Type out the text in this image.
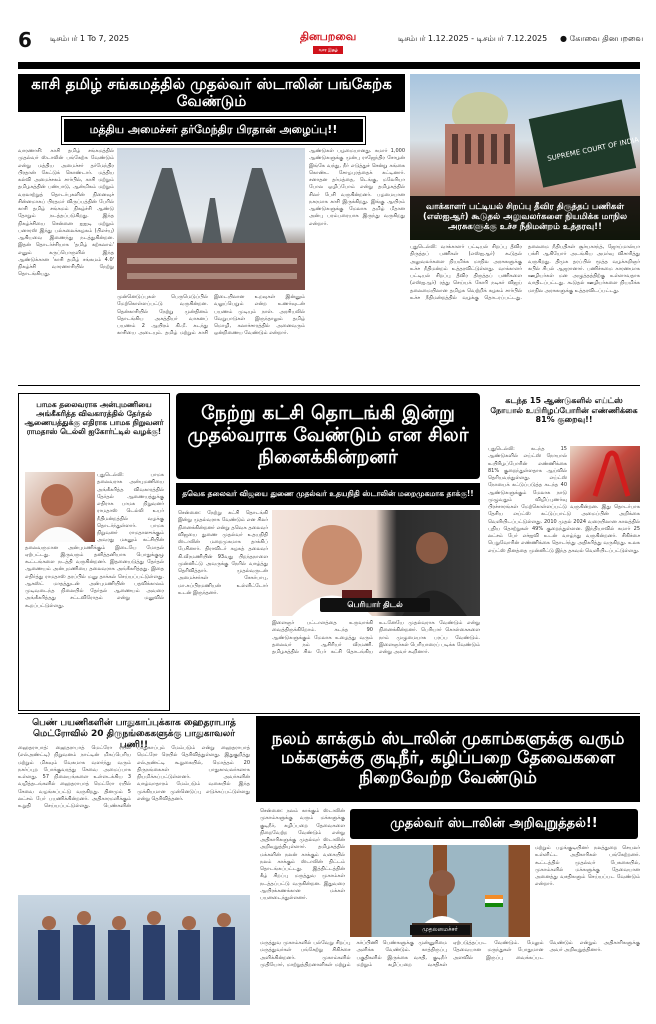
6 டிசம்பர் 1 To 7, 2025	தினபறவை
வார இதழ்
டிசம்பர் 1.12.2025 - டிசம்பர் 7.12.2025 ● கோவை தினபறவை
காசி தமிழ் சங்கமத்தில் முதல்வர் ஸ்டாலின் பங்கேற்க வேண்டும்
மத்திய அமைச்சர் தர்மேந்திர பிரதான் அழைப்பு!!
வாரணாசி: காசி தமிழ் சங்கமத்தில் முதல்வர் ஸ்டாலின் பங்கேற்க வேண்டும் என்று மத்திய அமைச்சர் தர்மேந்திர பிரதான் கேட்டுக் கொண்டார். மத்திய கல்வி அமைச்சகம் சார்பில், காசி மற்றும் தமிழகத்தின் பண்பாடு, ஆன்மிகம் மற்றும் வரலாற்றுத் தொடர்புகளின் நினைவுச் சின்னமாகப் பிரதமர் விருப்பத்தின் பேரில் காசி தமிழ் சங்கமம் நிகழ்ச்சி ஆண்டு தோறும் நடத்தப்படுகிறது. இந்த நிகழ்ச்சியை சென்னை ஐஐடி மற்றும் பனாரஸ் இந்து பல்கலைக்கழகம் (பிஎச்யு) ஆகியவை இணைந்து நடத்துகின்றன. இதன் தொடர்ச்சியாக 'தமிழ் கற்கலாம்' எனும் கருப்பொருளில் இந்த ஆண்டுக்கான 'காசி தமிழ் சங்கமம் 4.0' நிகழ்ச்சி வாரணாசியில் நேற்று தொடங்கியது.
முன்னெடுப்புகள் பெருமெடுப்பில் மேற்கொள்ளப்பட்டு வருகின்றன. தென்காசியில் நேற்று முன்தினம் தொடங்கிய அகத்தியர் வாகனப் பயணம் 2 ஆயிரம் கி.மீ. கடந்து காசியை அடையும். தமிழ் மற்றும் காசி இடையிலான உறவுகள் இன்னும் வலுப்பெறும் என்ற உணர்வுடன் பயணம் முடியும் நாள். அரசியலில் வேறுபாடுகள் இருந்தாலும் தமிழ் மொழி, கலாச்சாரத்தில் அனைவரும் ஒன்றிணைய வேண்டும் என்றார்.
ஆண்டுகள் பழமையானது. சுமார் 1,000 ஆண்டுகளுக்கு முன்பு ராஜேந்திர சோழன் இங்கே வந்து, நீர் எடுத்துச் சென்று கங்கை கொண்ட சோழபுரத்தைக் கட்டினார். சனாதன தர்மத்தை, டெங்கு, மலேரியா போல ஒழிப்போம் என்று தமிழகத்தில் சிலர் பேசி வருகின்றனர். பழமையான நகரமாக காசி இருக்கிறது. இங்கு ஆயிரம் ஆண்டுகளுக்கு மேலாக தமிழ் மீதான அன்பு பரம்பரையாக இருந்து வருகிறது என்றார்.
SUPREME COURT OF INDIA
வாக்காளர் பட்டியல் சிறப்பு தீவிர திருத்தப் பணிகள் (எஸ்ஐஆர்) கூடுதல் அலுவலர்களை நியமிக்க மாநில அரசுகளுக்கு உச்ச நீதிமன்றம் உத்தரவு!!
புதுடெல்லி: வாக்காளர் பட்டியல் சிறப்பு தீவிர திருத்தப் பணிகள் (எஸ்ஐஆர்) கூடுதல் அலுவலர்களை நியமிக்க மாநில அரசுகளுக்கு உச்ச நீதிமன்றம் உத்தரவிட்டுள்ளது. வாக்காளர் பட்டியல் சிறப்பு தீவிர திருத்தப் பணிகளை (எஸ்ஐஆர்) ரத்து செய்யக் கோரி நடிகர் விஜய் தலைமையிலான தமிழக வெற்றிக் கழகம் சார்பில் உச்ச நீதிமன்றத்தில் வழக்கு தொடரப்பட்டது. தலைமை நீதிபதிகள் சூர்யகாந்த், ஜோய்மால்யா பக்சி ஆகியோர் அடங்கிய அமர்வு விசாரித்து வருகிறது. திமுக தரப்பில் மூத்த வழக்கறிஞர் கபில் சிபல் ஆஜரானார். பணிச்சுமை காரணமாக ஊழியர்கள் மன அழுத்தத்திற்கு உள்ளாவதாக வாதிடப்பட்டது. கூடுதல் ஊழியர்களை நியமிக்க மாநில அரசுகளுக்கு உத்தரவிடப்பட்டது.
பாமக தலைவராக அன்புமணியை அங்கீகரித்த விவகாரத்தில் தேர்தல் ஆணையத்துக்கு எதிராக பாமக நிறுவனர் ராமதாஸ் டெல்லி ஐகோர்ட்டில் வழக்கு!
புதுடெல்லி: பாமக தலைவராக அன்புமணியை அங்கீகரித்த விவகாரத்தில் தேர்தல் ஆணையத்துக்கு எதிராக பாமக நிறுவனர் ராமதாஸ் டெல்லி உயர் நீதிமன்றத்தில் வழக்கு தொடர்ந்துள்ளார். பாமக நிறுவனர் ராமதாஸுக்கும் அவரது மகனும் கட்சியின் தலைவருமான அன்புமணிக்கும் இடையே மோதல் ஏற்பட்டது. இருவரும் தனித்தனியாக பொதுக்குழு கூட்டங்களை நடத்தி வருகின்றனர். இதனையடுத்து தேர்தல் ஆணையம் அன்புமணியை தலைவராக அங்கீகரித்தது. இதை எதிர்த்து ராமதாஸ் தரப்பில் மனு தாக்கல் செய்யப்பட்டுள்ளது. ஆகஸ்ட் மாதத்துடன் அன்புமணியின் பதவிக்காலம் முடிவடைந்த நிலையில் தேர்தல் ஆணையம் அவரை அங்கீகரித்தது சட்டவிரோதம் என்று மனுவில் கூறப்பட்டுள்ளது.
நேற்று கட்சி தொடங்கி இன்று முதல்வராக வேண்டும் என சிலர் நினைக்கின்றனர்
தவெக தலைவர் விஜயை துணை முதல்வர் உதயநிதி ஸ்டாலின் மறைமுகமாக தாக்கு!!
சென்னை: நேற்று கட்சி தொடங்கி இன்று முதல்வராக வேண்டும் என சிலர் நினைக்கின்றனர் என்று தவெக தலைவர் விஜயை துணை முதல்வர் உதயநிதி ஸ்டாலின் மறைமுகமாக தாக்கிப் பேசினார். திராவிடர் கழகத் தலைவர் கி.வீரமணியின் 93வது பிறந்தநாளை முன்னிட்டு அவருக்கு நேரில் வாழ்த்து தெரிவித்தார். முதல்வருடன் அமைச்சர்கள் சேகர்பாபு, மா.சுப்பிரமணியன் உள்ளிட்டோர் உடன் இருந்தனர்.
பெரியார் திடல்
இளைஞர் பட்டாளத்தை உருவாக்கி வைத்திருக்கிறோம். கடந்த 90 ஆண்டுகளுக்கும் மேலாக உழைத்து வரும் தலைவர் நம் ஆசிரியர் வீரமணி. தமிழகத்தில் சில பேர் கட்சி தொடங்கிய உடனேயே முதல்வராக வேண்டும் என்று நினைக்கின்றனர். பெரியார் கொள்கைகளை நாம் முழுமையாக பரப்ப வேண்டும். இளைஞர்கள் பெரியாரைப் படிக்க வேண்டும் என்று அவர் கூறினார்.
கடந்த 15 ஆண்டுகளில் எய்ட்ஸ் நோயால் உயிரிழப்போரின் எண்ணிக்கை 81% குறைவு!!
புதுடெல்லி: கடந்த 15 ஆண்டுகளில் எய்ட்ஸ் நோயால் உயிரிழப்போரின் எண்ணிக்கை 81% குறைந்துள்ளதாக ஆய்வில் தெரியவந்துள்ளது. எய்ட்ஸ் நோயைக் கட்டுப்படுத்த கடந்த 40 ஆண்டுகளுக்கும் மேலாக நாடு முழுவதும் விழிப்புணர்வு பிரச்சாரங்கள் மேற்கொள்ளப்பட்டு வருகின்றன. இது தொடர்பாக தேசிய எய்ட்ஸ் கட்டுப்பாட்டு அமைப்பின் அறிக்கை வெளியிடப்பட்டுள்ளது. 2010 முதல் 2024 வரையிலான காலத்தில் புதிய தொற்றுகள் 49% குறைந்துள்ளன. இந்தியாவில் சுமார் 25 லட்சம் பேர் எச்ஐவி உடன் வாழ்ந்து வருகின்றனர். சிகிச்சை பெறுவோரின் எண்ணிக்கை தொடர்ந்து அதிகரித்து வருகிறது. உலக எய்ட்ஸ் தினத்தை முன்னிட்டு இந்த தகவல் வெளியிடப்பட்டுள்ளது.
பெண் பயணிகளின் பாதுகாப்புக்காக ஹைதராபாத் மெட்ரோவில் 20 திருநங்கைகளுக்கு பாதுகாவலர் பணி!!
ஹைதராபாத்: ஹைதராபாத் மெட்ரோ ரயில் (எல்அண்ட்டி) நிறுவனம் நாட்டின் மிகப்பெரிய மற்றும் மிகவும் வேகமாக வளர்ந்து வரும் நகர்ப்புற போக்குவரத்து சேவை அமைப்பாக உள்ளது. 57 நிலையங்களை உள்ளடக்கிய 3 வழித்தடங்களில் ஹைதராபாத் மெட்ரோ ரயில் சேவை வழங்கப்பட்டு வருகிறது. தினமும் 5 லட்சம் பேர் பயணிக்கின்றனர். அதிகாரமளிக்கும் உறுதி செய்யப்பட்டுள்ளது. பெண்களின் பாதுகாப்பும் மேம்படும் என்று ஹைதராபாத் மெட்ரோ ரெயில் தெரிவித்துள்ளது. இதுகுறித்து எல்அண்ட்டி கூறுகையில், மொத்தம் 20 திருநங்கைகள் பாதுகாவலர்களாக நியமிக்கப்பட்டுள்ளனர். அவர்களின் வாழ்வாதாரம் மேம்படும் வகையில் இந்த முக்கியமான முன்னெடுப்பு எடுக்கப்பட்டுள்ளது என்று தெரிவித்தனர்.
நலம் காக்கும் ஸ்டாலின் முகாம்களுக்கு வரும் மக்களுக்கு குடிநீர், கழிப்பறை தேவைகளை நிறைவேற்ற வேண்டும்
சென்னை: நலம் காக்கும் ஸ்டாலின் முகாம்களுக்கு வரும் மக்களுக்கு குடிநீர், கழிப்பறை தேவைகளை நிறைவேற்ற வேண்டும் என்று அதிகாரிகளுக்கு முதல்வர் ஸ்டாலின் அறிவுறுத்தியுள்ளார். தமிழகத்தில் மக்களின் நலன் காக்கும் வகையில் நலம் காக்கும் ஸ்டாலின் திட்டம் தொடங்கப்பட்டது. இத்திட்டத்தின் கீழ் சிறப்பு மருத்துவ முகாம்கள் நடத்தப்பட்டு வருகின்றன. இதுவரை ஆயிரக்கணக்கான மக்கள் பயனடைந்துள்ளனர்.
முதல்வர் ஸ்டாலின் அறிவுறுத்தல்!!
முதலமைச்சர்
மற்றும் பழங்குடியினர் நலத்துறை செயலர் உள்ளிட்ட அதிகாரிகள் பங்கேற்றனர். கூட்டத்தில் முதல்வர் பேசுகையில், முகாம்களில் மக்களுக்கு தேவையான அனைத்து வசதிகளும் செய்யப்பட வேண்டும் என்றார்.
மருத்துவ முகாம்களில் பல்வேறு சிறப்பு மருத்துவர்கள் பங்கேற்று சிகிச்சை அளிக்கின்றனர். முகாம்களில் முதியோர், மாற்றுத்திறனாளிகள் மற்றும் கர்ப்பிணி பெண்களுக்கு முன்னுரிமை அளிக்க வேண்டும். காத்திருப்பு பகுதிகளில் இருக்கை வசதி, குடிநீர் மற்றும் கழிப்பறை வசதிகள் ஏற்படுத்தப்பட வேண்டும். மேலும் தேவையான மருந்துகள் போதுமான அளவில் இருப்பு வைக்கப்பட வேண்டும் என்றும் அதிகாரிகளுக்கு அவர் அறிவுறுத்தினார்.
